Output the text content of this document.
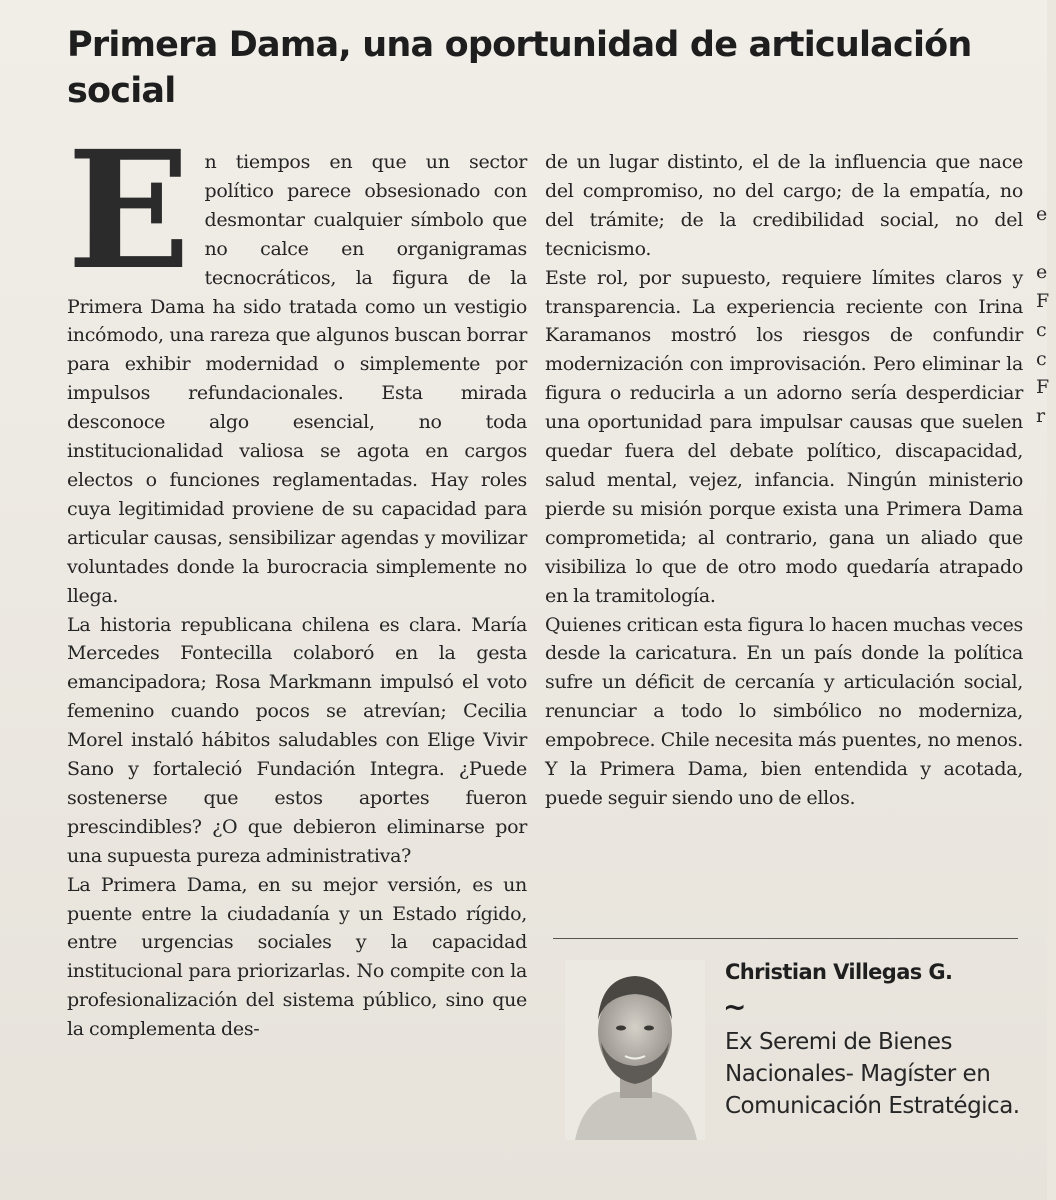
Primera Dama, una oportunidad de articulación social

En tiempos en que un sector político parece obsesionado con desmontar cualquier símbolo que no calce en organigramas tecnocráticos, la figura de la Primera Dama ha sido tratada como un vestigio incómodo, una rareza que algunos buscan borrar para exhibir modernidad o simplemente por impulsos refundacionales. Esta mirada desconoce algo esencial, no toda institucionalidad valiosa se agota en cargos electos o funciones reglamentadas. Hay roles cuya legitimidad proviene de su capacidad para articular causas, sensibilizar agendas y movilizar voluntades donde la burocracia simplemente no llega.

La historia republicana chilena es clara. María Mercedes Fontecilla colaboró en la gesta emancipadora; Rosa Markmann impulsó el voto femenino cuando pocos se atrevían; Cecilia Morel instaló hábitos saludables con Elige Vivir Sano y fortaleció Fundación Integra. ¿Puede sostenerse que estos aportes fueron prescindibles? ¿O que debieron eliminarse por una supuesta pureza administrativa?

La Primera Dama, en su mejor versión, es un puente entre la ciudadanía y un Estado rígido, entre urgencias sociales y la capacidad institucional para priorizarlas. No compite con la profesionalización del sistema público, sino que la complementa des-

de un lugar distinto, el de la influencia que nace del compromiso, no del cargo; de la empatía, no del trámite; de la credibilidad social, no del tecnicismo.

Este rol, por supuesto, requiere límites claros y transparencia. La experiencia reciente con Irina Karamanos mostró los riesgos de confundir modernización con improvisación. Pero eliminar la figura o reducirla a un adorno sería desperdiciar una oportunidad para impulsar causas que suelen quedar fuera del debate político, discapacidad, salud mental, vejez, infancia. Ningún ministerio pierde su misión porque exista una Primera Dama comprometida; al contrario, gana un aliado que visibiliza lo que de otro modo quedaría atrapado en la tramitología.

Quienes critican esta figura lo hacen muchas veces desde la caricatura. En un país donde la política sufre un déficit de cercanía y articulación social, renunciar a todo lo simbólico no moderniza, empobrece. Chile necesita más puentes, no menos. Y la Primera Dama, bien entendida y acotada, puede seguir siendo uno de ellos.

Christian Villegas G.
~
Ex Seremi de Bienes Nacionales- Magíster en Comunicación Estratégica.
e
e
F
c
c
F
r
